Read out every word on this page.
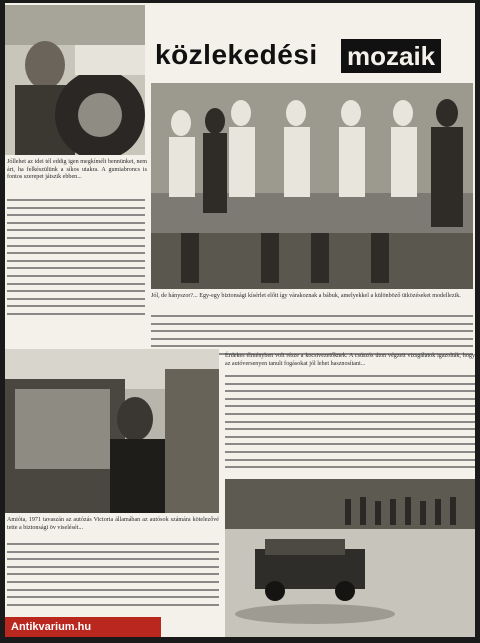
közlekedési mozaik

Jóllehet az idei tél eddig igen megkímélt bennünket, nem árt, ha felkészülünk a síkos utakra. A gumiabroncs is fontos szerepet játszik ebben...

Jól, de hányszor?... Egy-egy biztonsági kísérlet előtt így várakoznak a bábuk, amelyekkel a különböző ütközéseket modellezik.

Érdekes élményben volt része a kocsivezetőknek. A csúszós úton végzett vizsgálatok igazolták, hogy az autóversenyen tanult fogásokat jól lehet hasznosítani...

Amióta, 1971 tavaszán az autózás Victoria államában az autósok számára kötelezővé tette a biztonsági öv viselését...

Antikvarium.hu
